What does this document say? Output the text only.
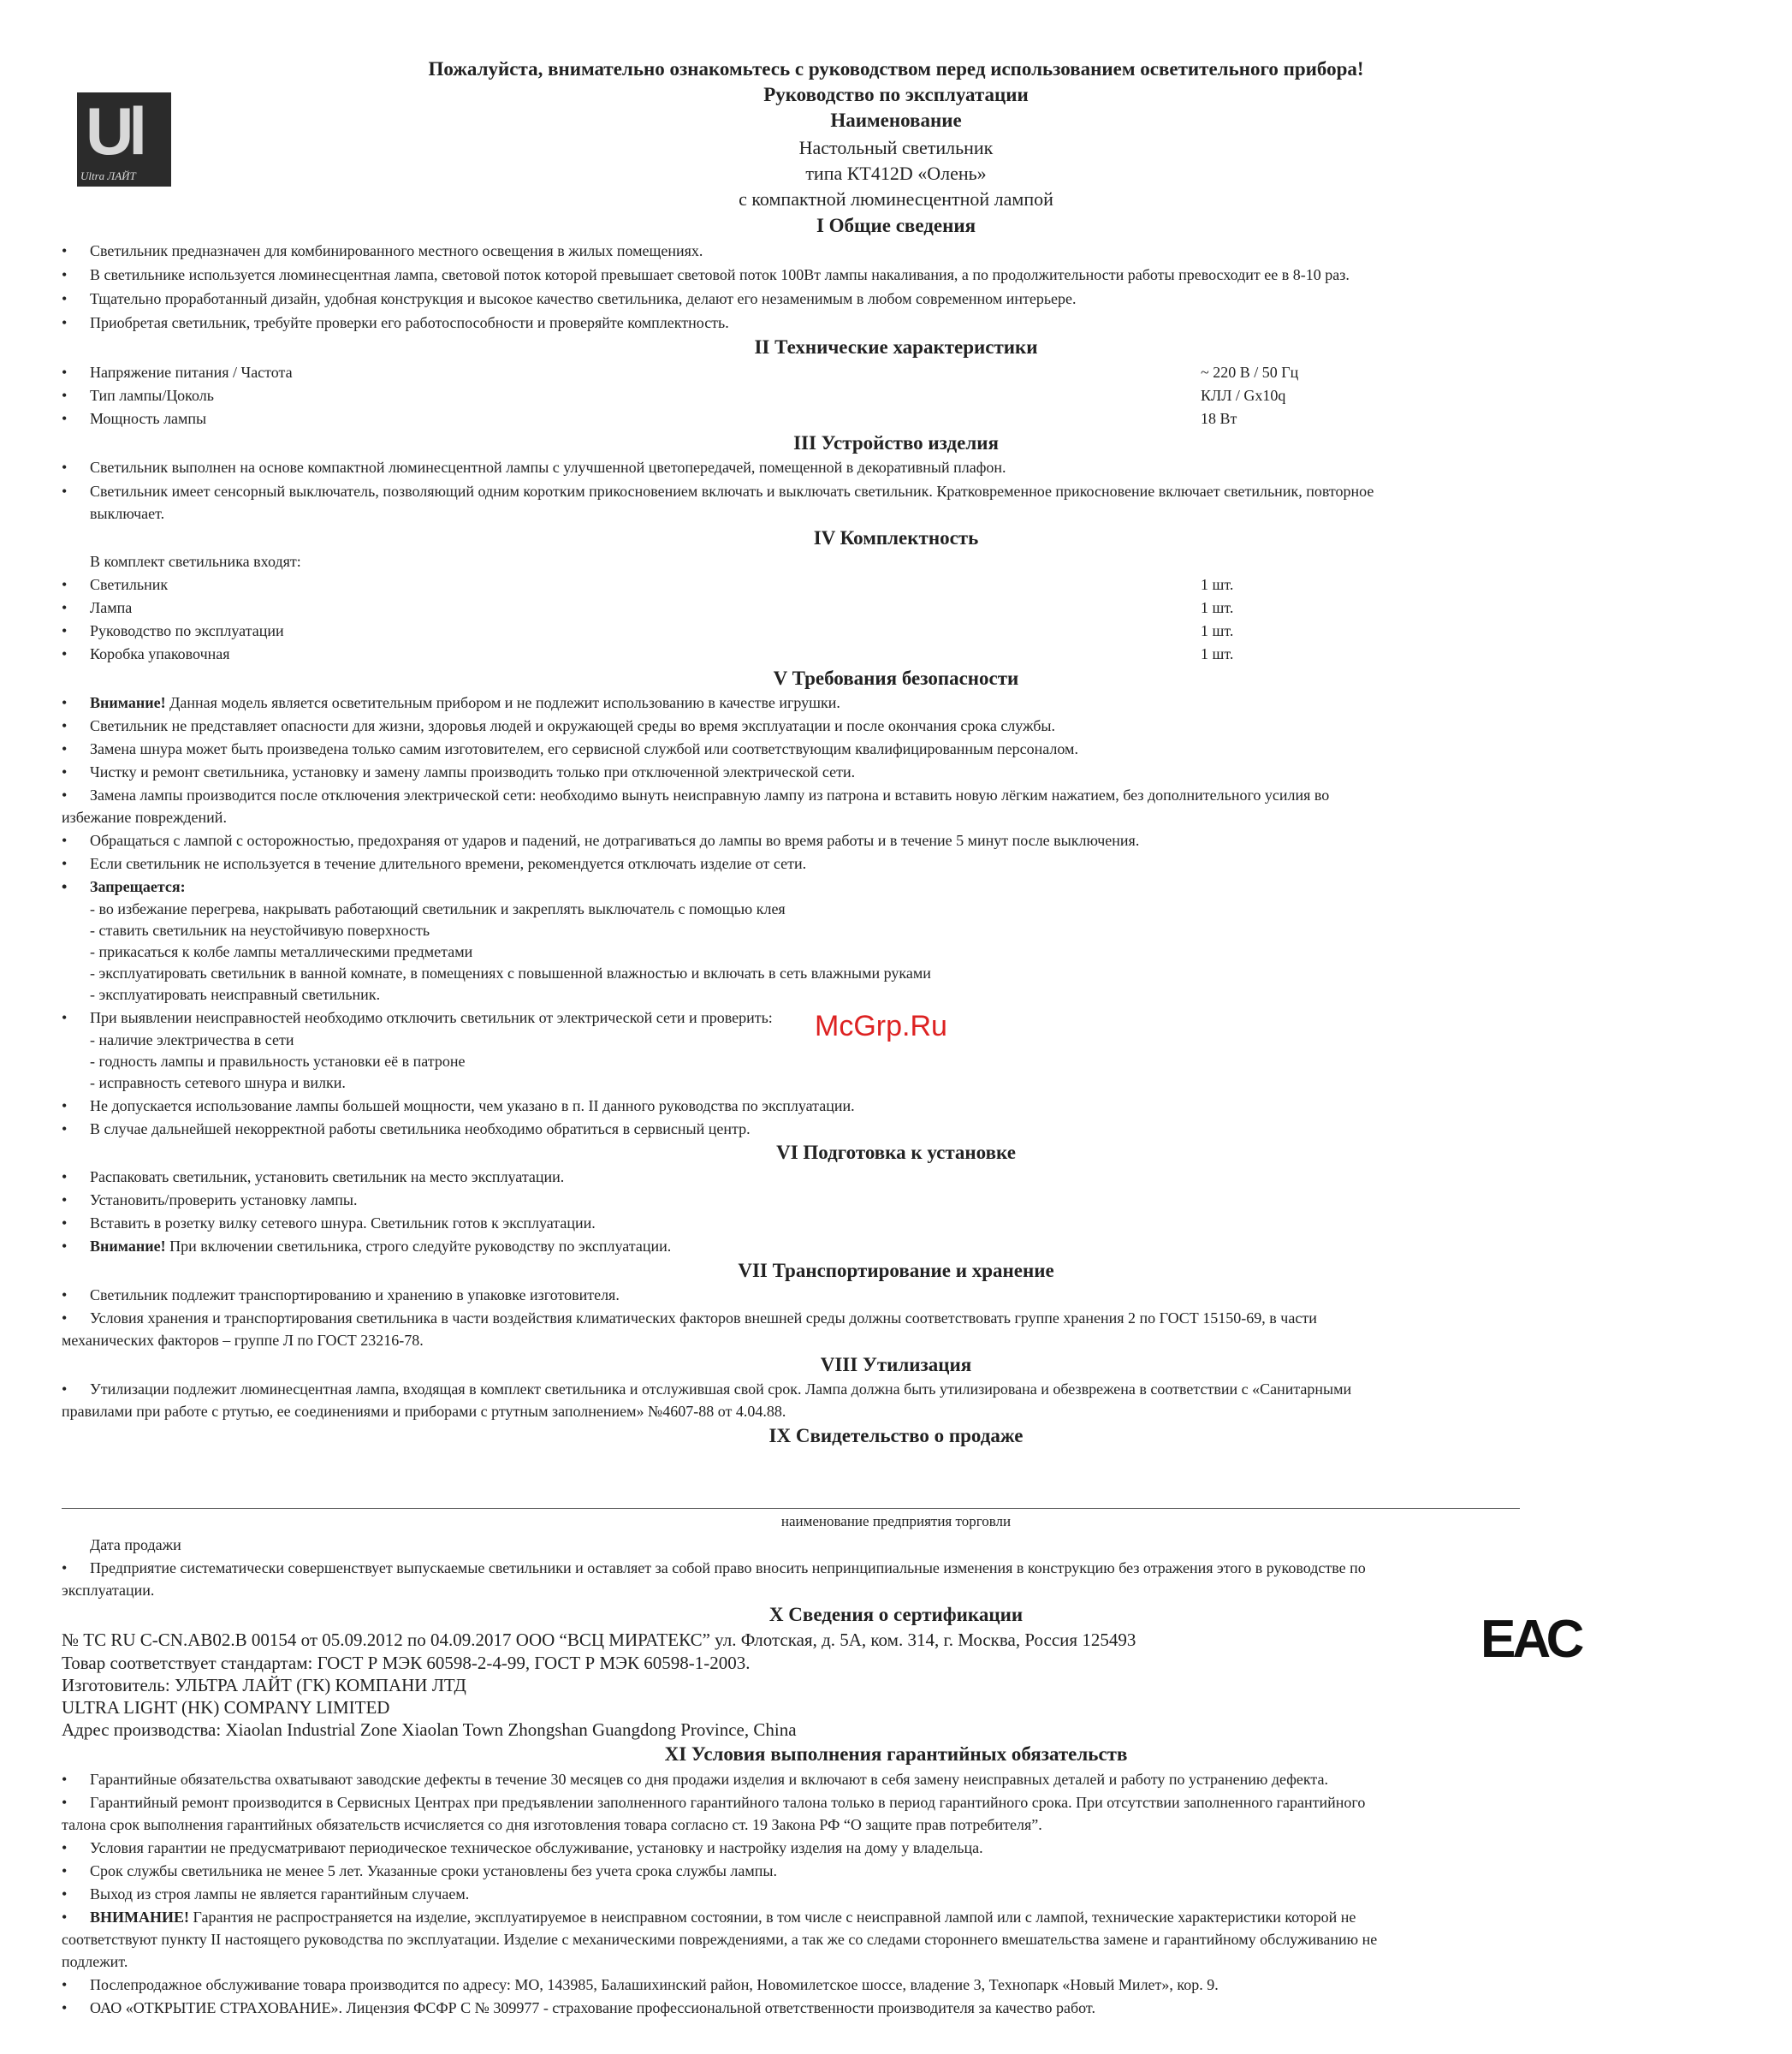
Ul
Ultra ЛАЙТ
Пожалуйста, внимательно ознакомьтесь с руководством перед использованием осветительного прибора!
Руководство по эксплуатации
Наименование
Настольный светильник
типа КТ412D «Олень»
с компактной люминесцентной лампой
I Общие сведения
• Светильник предназначен для комбинированного местного освещения в жилых помещениях.
• В светильнике используется люминесцентная лампа, световой поток которой превышает световой поток 100Вт лампы накаливания, а по продолжительности работы превосходит ее в 8-10 раз.
• Тщательно проработанный дизайн, удобная конструкция и высокое качество светильника, делают его незаменимым в любом современном интерьере.
• Приобретая светильник, требуйте проверки его работоспособности и проверяйте комплектность.
II Технические характеристики
• Напряжение питания / Частота	~ 220 В / 50 Гц
• Тип лампы/Цоколь	КЛЛ / Gx10q
• Мощность лампы	18 Вт
III Устройство изделия
• Светильник выполнен на основе компактной люминесцентной лампы с улучшенной цветопередачей, помещенной в декоративный плафон.
• Светильник имеет сенсорный выключатель, позволяющий одним коротким прикосновением включать и выключать светильник. Кратковременное прикосновение включает светильник, повторное
выключает.
IV Комплектность
В комплект светильника входят:
• Светильник	1 шт.
• Лампа	1 шт.
• Руководство по эксплуатации	1 шт.
• Коробка упаковочная	1 шт.
V Требования безопасности
• Внимание! Данная модель является осветительным прибором и не подлежит использованию в качестве игрушки.
• Светильник не представляет опасности для жизни, здоровья людей и окружающей среды во время эксплуатации и после окончания срока службы.
• Замена шнура может быть произведена только самим изготовителем, его сервисной службой или соответствующим квалифицированным персоналом.
• Чистку и ремонт светильника, установку и замену лампы производить только при отключенной электрической сети.
• Замена лампы производится после отключения электрической сети: необходимо вынуть неисправную лампу из патрона и вставить новую лёгким нажатием, без дополнительного усилия во
избежание повреждений.
• Обращаться с лампой с осторожностью, предохраняя от ударов и падений, не дотрагиваться до лампы во время работы и в течение 5 минут после выключения.
• Если светильник не используется в течение длительного времени, рекомендуется отключать изделие от сети.
• Запрещается:
- во избежание перегрева, накрывать работающий светильник и закреплять выключатель с помощью клея
- ставить светильник на неустойчивую поверхность
- прикасаться к колбе лампы металлическими предметами
- эксплуатировать светильник в ванной комнате, в помещениях с повышенной влажностью и включать в сеть влажными руками
- эксплуатировать неисправный светильник.
• При выявлении неисправностей необходимо отключить светильник от электрической сети и проверить:
- наличие электричества в сети
- годность лампы и правильность установки её в патроне
- исправность сетевого шнура и вилки.
• Не допускается использование лампы большей мощности, чем указано в п. II данного руководства по эксплуатации.
• В случае дальнейшей некорректной работы светильника необходимо обратиться в сервисный центр.
VI Подготовка к установке
• Распаковать светильник, установить светильник на место эксплуатации.
• Установить/проверить установку лампы.
• Вставить в розетку вилку сетевого шнура. Светильник готов к эксплуатации.
• Внимание! При включении светильника, строго следуйте руководству по эксплуатации.
VII Транспортирование и хранение
• Светильник подлежит транспортированию и хранению в упаковке изготовителя.
• Условия хранения и транспортирования светильника в части воздействия климатических факторов внешней среды должны соответствовать группе хранения 2 по ГОСТ 15150-69, в части
механических факторов – группе Л по ГОСТ 23216-78.
VIII Утилизация
• Утилизации подлежит люминесцентная лампа, входящая в комплект светильника и отслужившая свой срок. Лампа должна быть утилизирована и обезврежена в соответствии с «Санитарными
правилами при работе с ртутью, ее соединениями и приборами с ртутным заполнением» №4607-88 от 4.04.88.
IX Свидетельство о продаже
наименование предприятия торговли
Дата продажи
• Предприятие систематически совершенствует выпускаемые светильники и оставляет за собой право вносить непринципиальные изменения в конструкцию без отражения этого в руководстве по
эксплуатации.
X Сведения о сертификации
№ ТС RU С-CN.АВ02.В 00154 от 05.09.2012 по 04.09.2017 ООО “ВСЦ МИРАТЕКС” ул. Флотская, д. 5А, ком. 314, г. Москва, Россия 125493
Товар соответствует стандартам: ГОСТ Р МЭК 60598-2-4-99, ГОСТ Р МЭК 60598-1-2003.
Изготовитель: УЛЬТРА ЛАЙТ (ГК) КОМПАНИ ЛТД
ULTRA LIGHT (HK) COMPANY LIMITED
Адрес производства: Xiaolan Industrial Zone Xiaolan Town Zhongshan Guangdong Province, China
ЕАС
XI Условия выполнения гарантийных обязательств
• Гарантийные обязательства охватывают заводские дефекты в течение 30 месяцев со дня продажи изделия и включают в себя замену неисправных деталей и работу по устранению дефекта.
• Гарантийный ремонт производится в Сервисных Центрах при предъявлении заполненного гарантийного талона только в период гарантийного срока. При отсутствии заполненного гарантийного
талона срок выполнения гарантийных обязательств исчисляется со дня изготовления товара согласно ст. 19 Закона РФ “О защите прав потребителя”.
• Условия гарантии не предусматривают периодическое техническое обслуживание, установку и настройку изделия на дому у владельца.
• Срок службы светильника не менее 5 лет. Указанные сроки установлены без учета срока службы лампы.
• Выход из строя лампы не является гарантийным случаем.
• ВНИМАНИЕ! Гарантия не распространяется на изделие, эксплуатируемое в неисправном состоянии, в том числе с неисправной лампой или с лампой, технические характеристики которой не
соответствуют пункту II настоящего руководства по эксплуатации. Изделие с механическими повреждениями, а так же со следами стороннего вмешательства замене и гарантийному обслуживанию не
подлежит.
• Послепродажное обслуживание товара производится по адресу: МО, 143985, Балашихинский район, Новомилетское шоссе, владение 3, Технопарк «Новый Милет», кор. 9.
• ОАО «ОТКРЫТИЕ СТРАХОВАНИЕ». Лицензия ФСФР С № 309977 - страхование профессиональной ответственности производителя за качество работ.
McGrp.Ru
